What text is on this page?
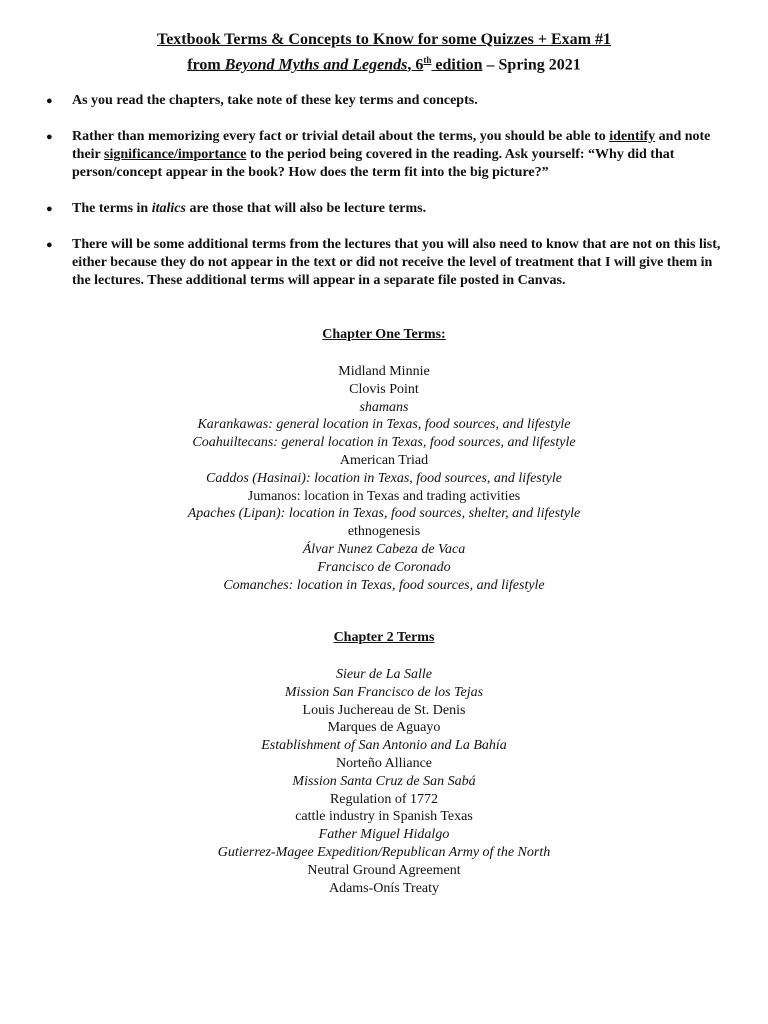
Textbook Terms & Concepts to Know for some Quizzes + Exam #1
from Beyond Myths and Legends, 6th edition – Spring 2021
●	As you read the chapters, take note of these key terms and concepts.
●	Rather than memorizing every fact or trivial detail about the terms, you should be able to identify and note their significance/importance to the period being covered in the reading. Ask yourself: “Why did that person/concept appear in the book? How does the term fit into the big picture?”
●	The terms in italics are those that will also be lecture terms.
●	There will be some additional terms from the lectures that you will also need to know that are not on this list, either because they do not appear in the text or did not receive the level of treatment that I will give them in the lectures. These additional terms will appear in a separate file posted in Canvas.
Chapter One Terms:
Midland Minnie
Clovis Point
shamans
Karankawas: general location in Texas, food sources, and lifestyle
Coahuiltecans: general location in Texas, food sources, and lifestyle
American Triad
Caddos (Hasinai): location in Texas, food sources, and lifestyle
Jumanos: location in Texas and trading activities
Apaches (Lipan): location in Texas, food sources, shelter, and lifestyle
ethnogenesis
Álvar Nunez Cabeza de Vaca
Francisco de Coronado
Comanches: location in Texas, food sources, and lifestyle
Chapter 2 Terms
Sieur de La Salle
Mission San Francisco de los Tejas
Louis Juchereau de St. Denis
Marques de Aguayo
Establishment of San Antonio and La Bahía
Norteño Alliance
Mission Santa Cruz de San Sabá
Regulation of 1772
cattle industry in Spanish Texas
Father Miguel Hidalgo
Gutierrez-Magee Expedition/Republican Army of the North
Neutral Ground Agreement
Adams-Onís Treaty
